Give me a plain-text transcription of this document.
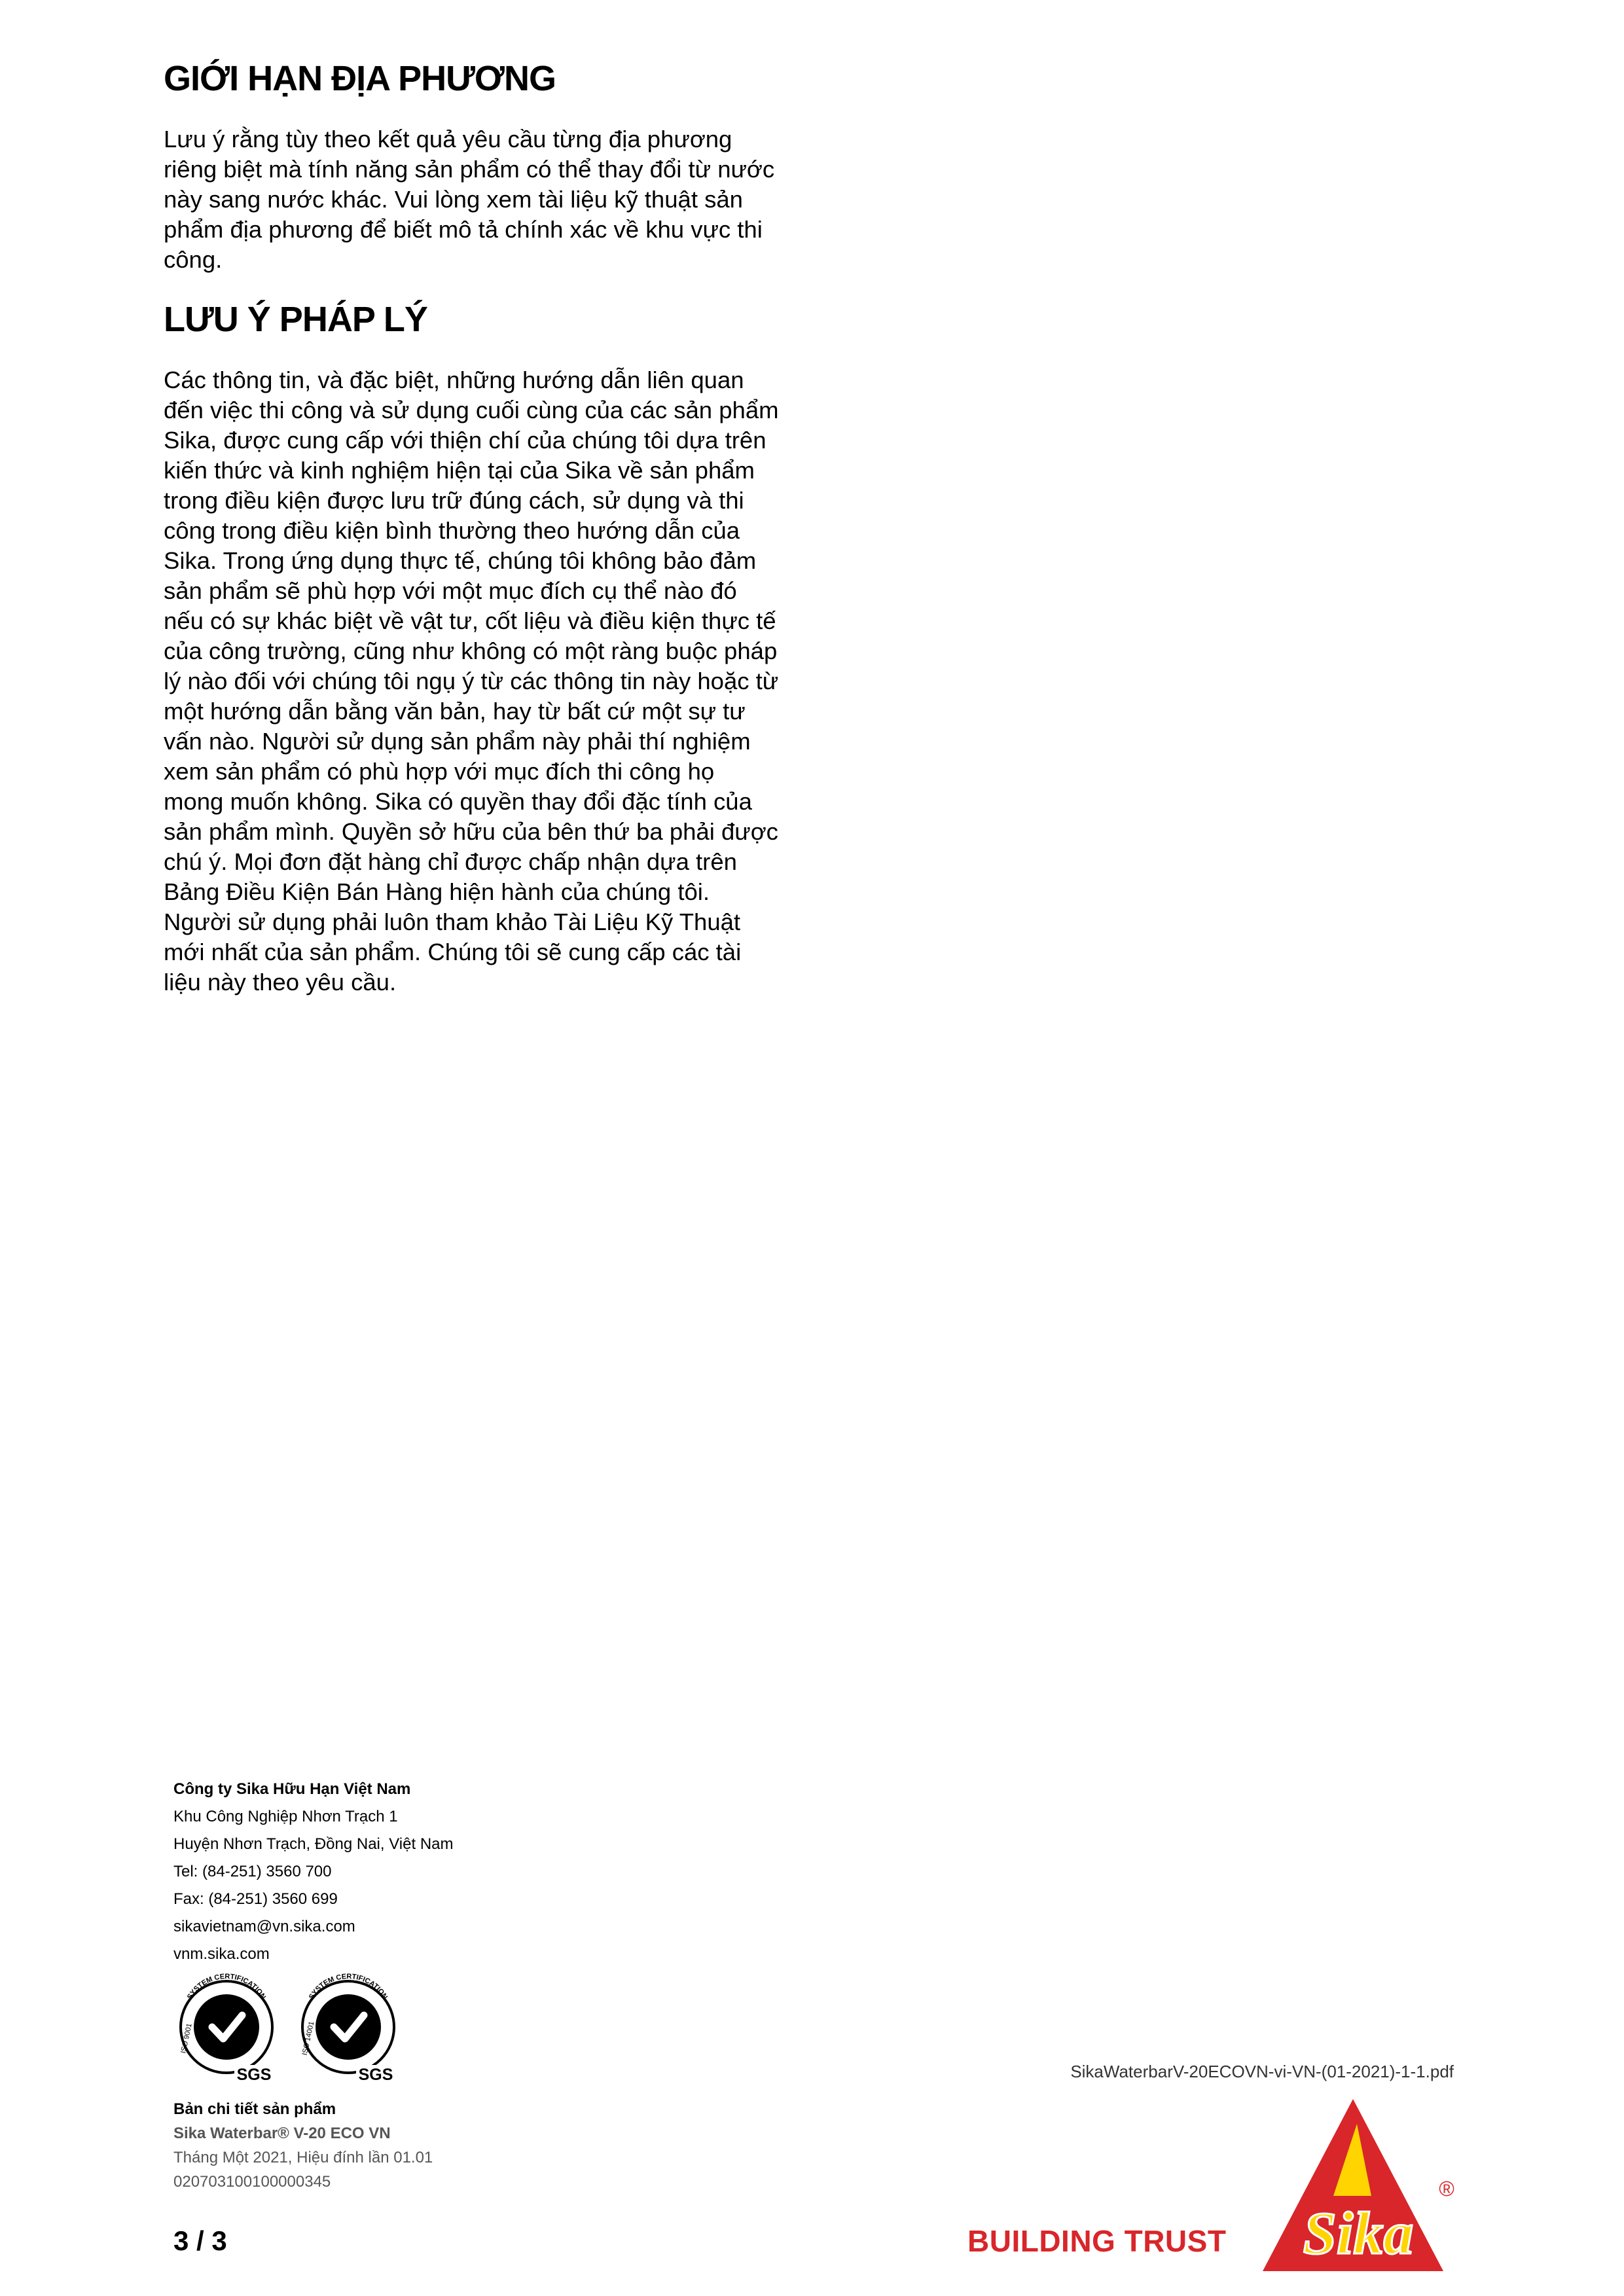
GIỚI HẠN ĐỊA PHƯƠNG

Lưu ý rằng tùy theo kết quả yêu cầu từng địa phương riêng biệt mà tính năng sản phẩm có thể thay đổi từ nước này sang nước khác. Vui lòng xem tài liệu kỹ thuật sản phẩm địa phương để biết mô tả chính xác về khu vực thi công.

LƯU Ý PHÁP LÝ

Các thông tin, và đặc biệt, những hướng dẫn liên quan đến việc thi công và sử dụng cuối cùng của các sản phẩm Sika, được cung cấp với thiện chí của chúng tôi dựa trên kiến thức và kinh nghiệm hiện tại của Sika về sản phẩm trong điều kiện được lưu trữ đúng cách, sử dụng và thi công trong điều kiện bình thường theo hướng dẫn của Sika. Trong ứng dụng thực tế, chúng tôi không bảo đảm sản phẩm sẽ phù hợp với một mục đích cụ thể nào đó nếu có sự khác biệt về vật tư, cốt liệu và điều kiện thực tế của công trường, cũng như không có một ràng buộc pháp lý nào đối với chúng tôi ngụ ý từ các thông tin này hoặc từ một hướng dẫn bằng văn bản, hay từ bất cứ một sự tư vấn nào. Người sử dụng sản phẩm này phải thí nghiệm xem sản phẩm có phù hợp với mục đích thi công họ mong muốn không. Sika có quyền thay đổi đặc tính của sản phẩm mình. Quyền sở hữu của bên thứ ba phải được chú ý. Mọi đơn đặt hàng chỉ được chấp nhận dựa trên Bảng Điều Kiện Bán Hàng hiện hành của chúng tôi. Người sử dụng phải luôn tham khảo Tài Liệu Kỹ Thuật mới nhất của sản phẩm. Chúng tôi sẽ cung cấp các tài liệu này theo yêu cầu.

Công ty Sika Hữu Hạn Việt Nam
Khu Công Nghiệp Nhơn Trạch 1
Huyện Nhơn Trạch, Đồng Nai, Việt Nam
Tel: (84-251) 3560 700
Fax: (84-251) 3560 699
sikavietnam@vn.sika.com
vnm.sika.com
SYSTEM CERTIFICATION
ISO 9001
SGS
SYSTEM CERTIFICATION
ISO 14001
SGS
Bản chi tiết sản phẩm
Sika Waterbar® V-20 ECO VN
Tháng Một 2021, Hiệu đính lần 01.01
020703100100000345
SikaWaterbarV-20ECOVN-vi-VN-(01-2021)-1-1.pdf
3 / 3	BUILDING TRUST Sika
®
